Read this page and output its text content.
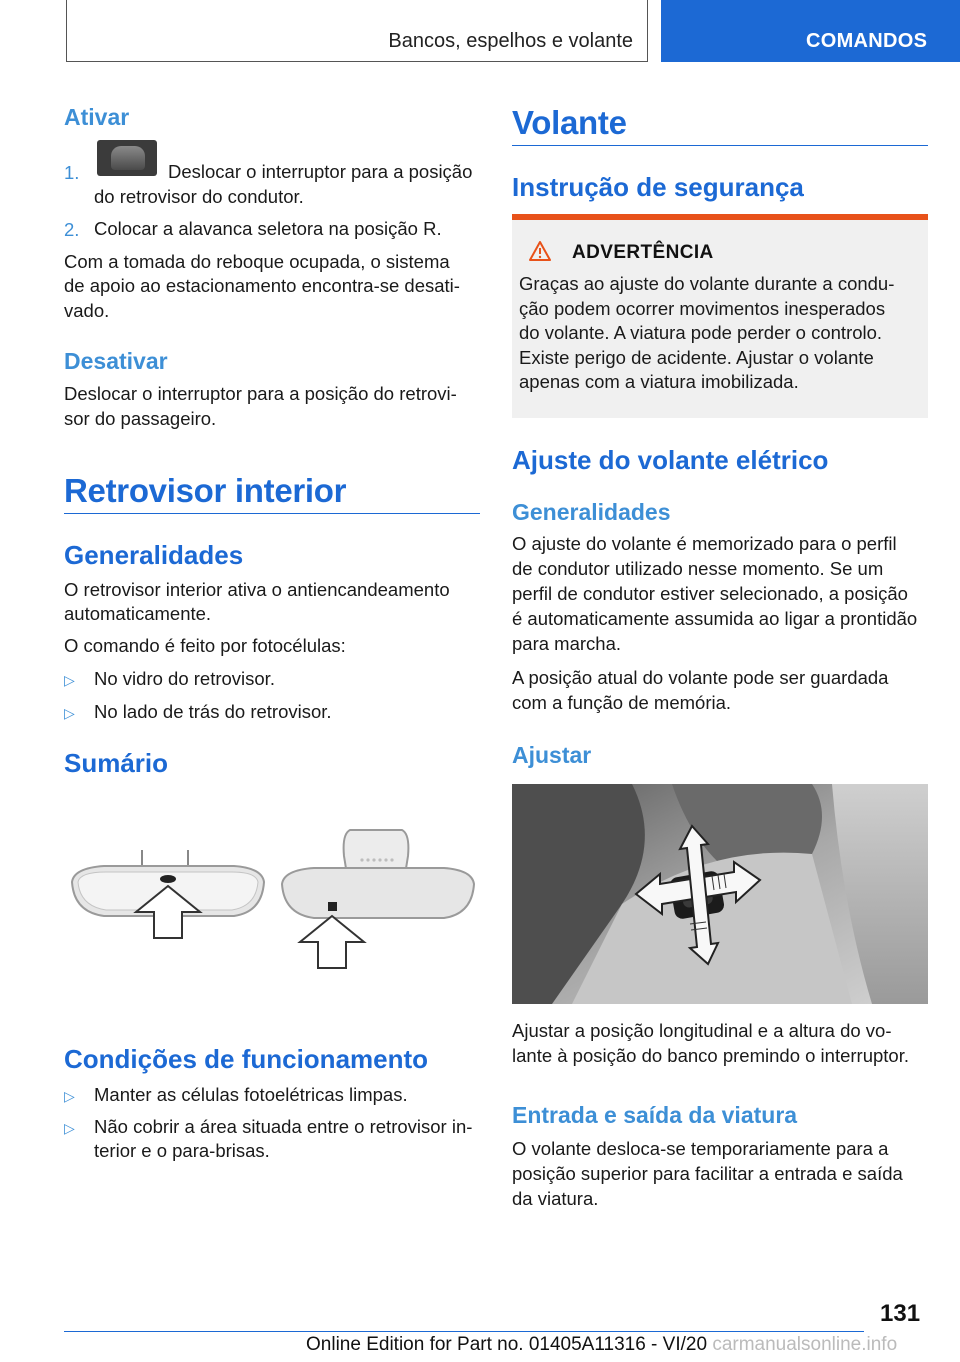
Bancos, espelhos e volante	COMANDOS
Ativar
1.	Deslocar o interruptor para a posição
do retrovisor do condutor.
2. Colocar a alavanca seletora na posição R.
Com a tomada do reboque ocupada, o sistema
de apoio ao estacionamento encontra-se desati-
vado.
Desativar
Deslocar o interruptor para a posição do retrovi-
sor do passageiro.
Retrovisor interior
Generalidades
O retrovisor interior ativa o antiencandeamento
automaticamente.
O comando é feito por fotocélulas:
▷ No vidro do retrovisor.
▷ No lado de trás do retrovisor.
Sumário
Condições de funcionamento
▷ Manter as células fotoelétricas limpas.
▷ Não cobrir a área situada entre o retrovisor in-
terior e o para-brisas.
Volante
Instrução de segurança
ADVERTÊNCIA
Graças ao ajuste do volante durante a condu-
ção podem ocorrer movimentos inesperados
do volante. A viatura pode perder o controlo.
Existe perigo de acidente. Ajustar o volante
apenas com a viatura imobilizada.
Ajuste do volante elétrico
Generalidades
O ajuste do volante é memorizado para o perfil
de condutor utilizado nesse momento. Se um
perfil de condutor estiver selecionado, a posição
é automaticamente assumida ao ligar a prontidão
para marcha.
A posição atual do volante pode ser guardada
com a função de memória.
Ajustar
Ajustar a posição longitudinal e a altura do vo-
lante à posição do banco premindo o interruptor.
Entrada e saída da viatura
O volante desloca-se temporariamente para a
posição superior para facilitar a entrada e saída
da viatura.
131
Online Edition for Part no. 01405A11316 - VI/20 carmanualsonline.info
